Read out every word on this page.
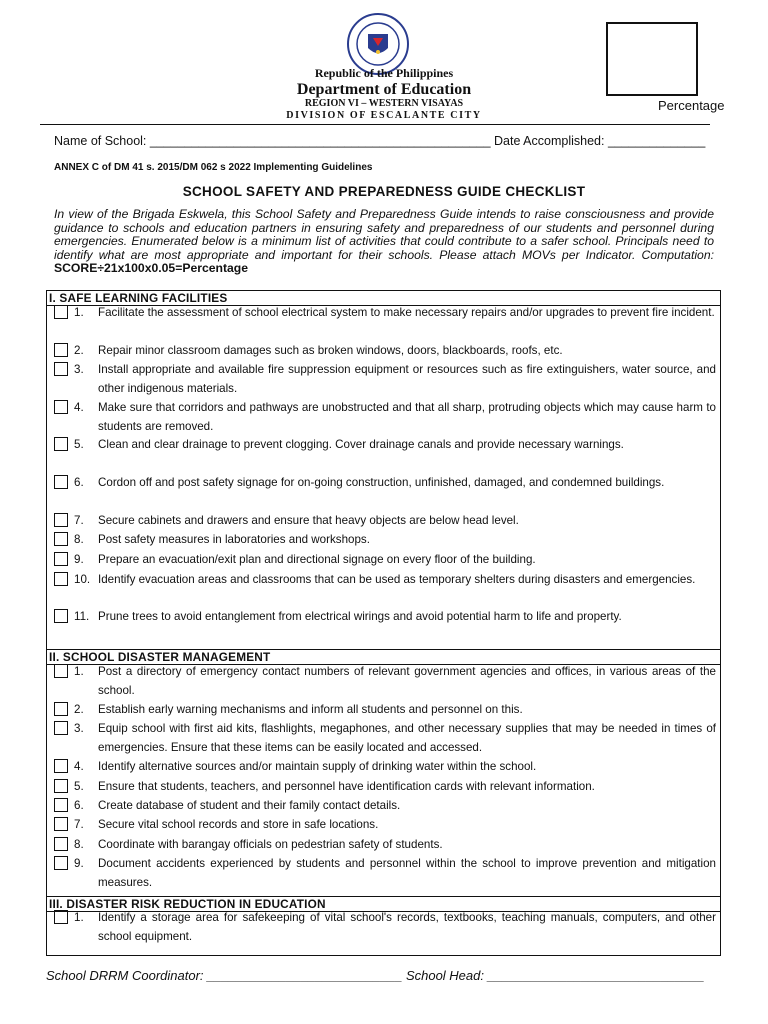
Percentage
Republic of the Philippines
Department of Education
REGION VI – WESTERN VISAYAS
DIVISION OF ESCALANTE CITY
Name of School: _________________________________________________ Date Accomplished: ______________
ANNEX C of DM 41 s. 2015/DM 062 s 2022 Implementing Guidelines
SCHOOL SAFETY AND PREPAREDNESS GUIDE CHECKLIST
In view of the Brigada Eskwela, this School Safety and Preparedness Guide intends to raise consciousness and provide guidance to schools and education partners in ensuring safety and preparedness of our students and personnel during emergencies. Enumerated below is a minimum list of activities that could contribute to a safer school. Principals need to identify what are most appropriate and important for their schools. Please attach MOVs per Indicator. Computation: SCORE÷21x100x0.05=Percentage
I. SAFE LEARNING FACILITIES
1. Facilitate the assessment of school electrical system to make necessary repairs and/or upgrades to prevent fire incident.
2. Repair minor classroom damages such as broken windows, doors, blackboards, roofs, etc.
3. Install appropriate and available fire suppression equipment or resources such as fire extinguishers, water source, and other indigenous materials.
4. Make sure that corridors and pathways are unobstructed and that all sharp, protruding objects which may cause harm to students are removed.
5. Clean and clear drainage to prevent clogging. Cover drainage canals and provide necessary warnings.
6. Cordon off and post safety signage for on-going construction, unfinished, damaged, and condemned buildings.
7. Secure cabinets and drawers and ensure that heavy objects are below head level.
8. Post safety measures in laboratories and workshops.
9. Prepare an evacuation/exit plan and directional signage on every floor of the building.
10. Identify evacuation areas and classrooms that can be used as temporary shelters during disasters and emergencies.
11. Prune trees to avoid entanglement from electrical wirings and avoid potential harm to life and property.
II. SCHOOL DISASTER MANAGEMENT
1. Post a directory of emergency contact numbers of relevant government agencies and offices, in various areas of the school.
2. Establish early warning mechanisms and inform all students and personnel on this.
3. Equip school with first aid kits, flashlights, megaphones, and other necessary supplies that may be needed in times of emergencies. Ensure that these items can be easily located and accessed.
4. Identify alternative sources and/or maintain supply of drinking water within the school.
5. Ensure that students, teachers, and personnel have identification cards with relevant information.
6. Create database of student and their family contact details.
7. Secure vital school records and store in safe locations.
8. Coordinate with barangay officials on pedestrian safety of students.
9. Document accidents experienced by students and personnel within the school to improve prevention and mitigation measures.
III. DISASTER RISK REDUCTION IN EDUCATION
1. Identify a storage area for safekeeping of vital school's records, textbooks, teaching manuals, computers, and other school equipment.
School DRRM Coordinator: ___________________________ School Head: ______________________________
